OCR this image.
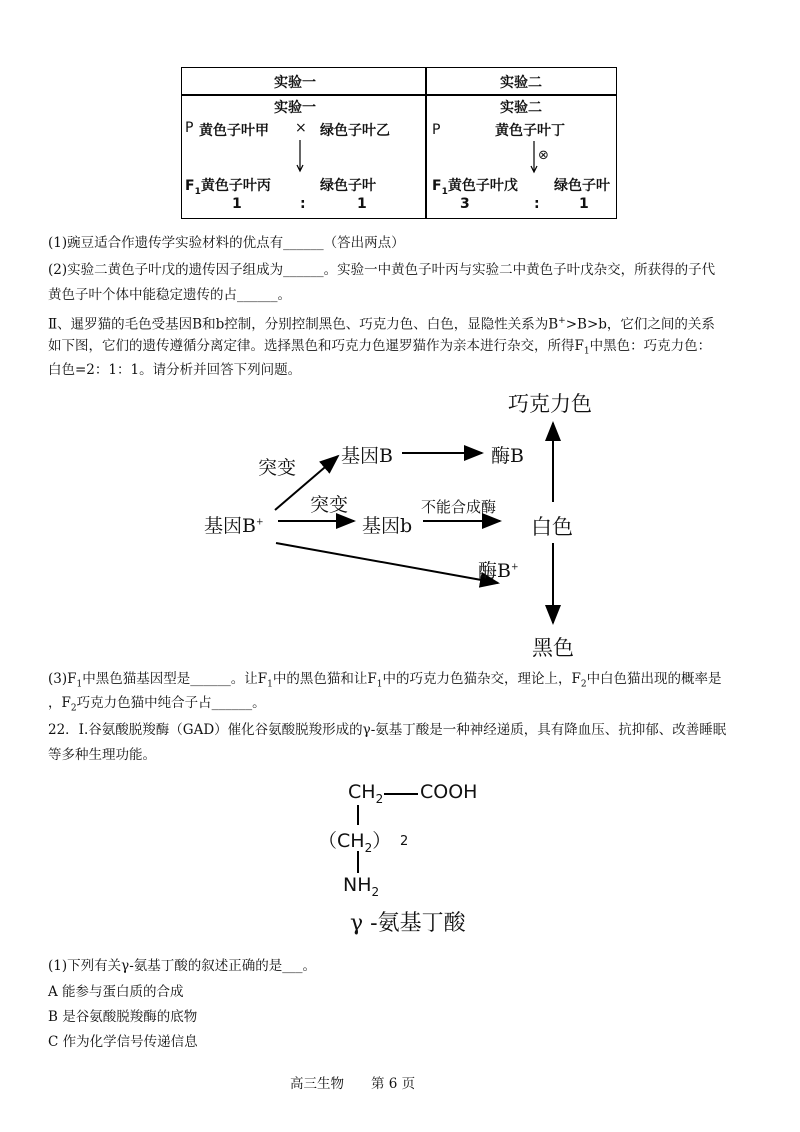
实验一	实验二
实验一
P 黄色子叶甲 × 绿色子叶乙
$F_1$黄色子叶丙	绿色子叶
1	:	1
实验二
P	黄色子叶丁
⊗
$F_1$黄色子叶戊	绿色子叶
3	:	1
(1)豌豆适合作遗传学实验材料的优点有______（答出两点）
(2)实验二黄色子叶戊的遗传因子组成为______。实验一中黄色子叶丙与实验二中黄色子叶戊杂交，所获得的子代
黄色子叶个体中能稳定遗传的占______。
Ⅱ、暹罗猫的毛色受基因B和b控制，分别控制黑色、巧克力色、白色，显隐性关系为B+>B>b，它们之间的关系
如下图，它们的遗传遵循分离定律。选择黑色和巧克力色暹罗猫作为亲本进行杂交，所得$F_1$中黑色：巧克力色：
白色=2：1：1。请分析并回答下列问题。
巧克力色
基因B	酶B
突变
突变
基因B+	基因b
不能合成酶
白色
酶B+
黑色
$(3)F_1$中黑色猫基因型是______。让$F_1$中的黑色猫和让$F_1$中的巧克力色猫杂交，理论上，$F_2$中白色猫出现的概率是
，$F_2$巧克力色猫中纯合子占______。
22．I.谷氨酸脱羧酶（GAD）催化谷氨酸脱羧形成的γ-氨基丁酸是一种神经递质，具有降血压、抗抑郁、改善睡眠
等多种生理功能。
$CH_2$ COOH
$(CH_2)$ 2
$NH_2$
γ -氨基丁酸
(1)下列有关γ-氨基丁酸的叙述正确的是___。
A 能参与蛋白质的合成
B 是谷氨酸脱羧酶的底物
C 作为化学信号传递信息
高三生物　　第 6 页
